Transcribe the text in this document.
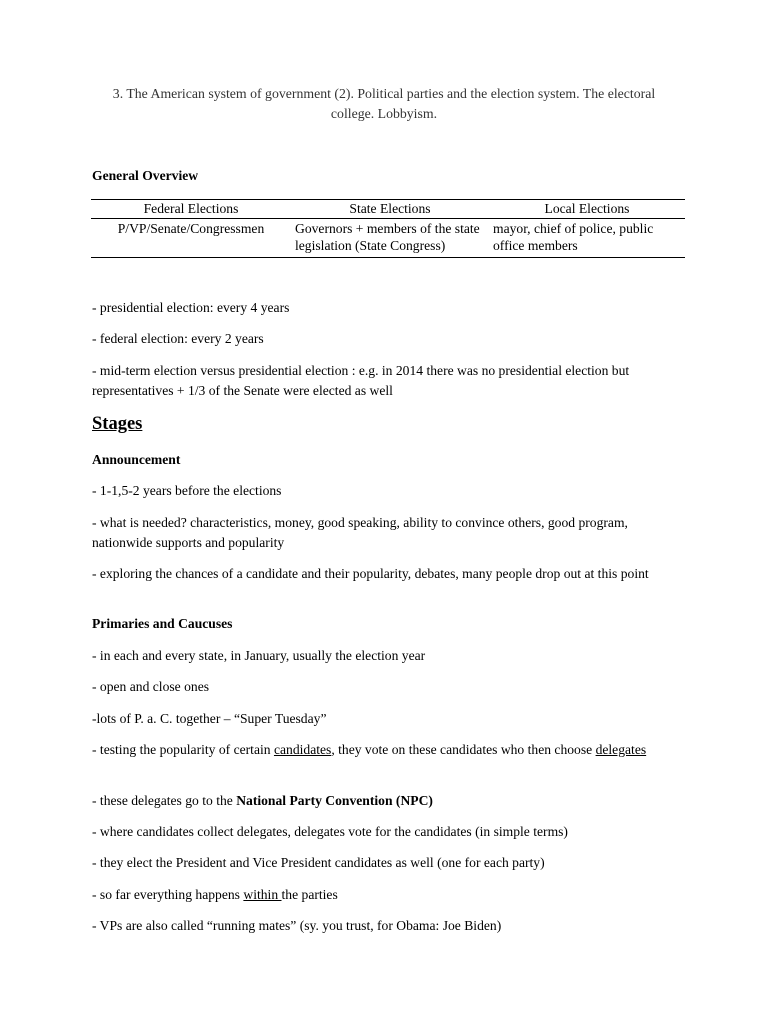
3. The American system of government (2). Political parties and the election system. The electoral college. Lobbyism.
General Overview
Federal Elections	State Elections	Local Elections
P/VP/Senate/Congressmen	Governors + members of the state legislation (State Congress)	mayor, chief of police, public office members

- presidential election: every 4 years

- federal election: every 2 years

- mid-term election versus presidential election : e.g. in 2014 there was no presidential election but representatives + 1/3 of the Senate were elected as well

Stages

Announcement

- 1-1,5-2 years before the elections

- what is needed? characteristics, money, good speaking, ability to convince others, good program, nationwide supports and popularity

- exploring the chances of a candidate and their popularity, debates, many people drop out at this point

Primaries and Caucuses

- in each and every state, in January, usually the election year

- open and close ones

-lots of P. a. C. together – “Super Tuesday”

- testing the popularity of certain candidates, they vote on these candidates who then choose delegates

- these delegates go to the National Party Convention (NPC)

- where candidates collect delegates, delegates vote for the candidates (in simple terms)

- they elect the President and Vice President candidates as well (one for each party)

- so far everything happens within the parties

- VPs are also called “running mates” (sy. you trust, for Obama: Joe Biden)
